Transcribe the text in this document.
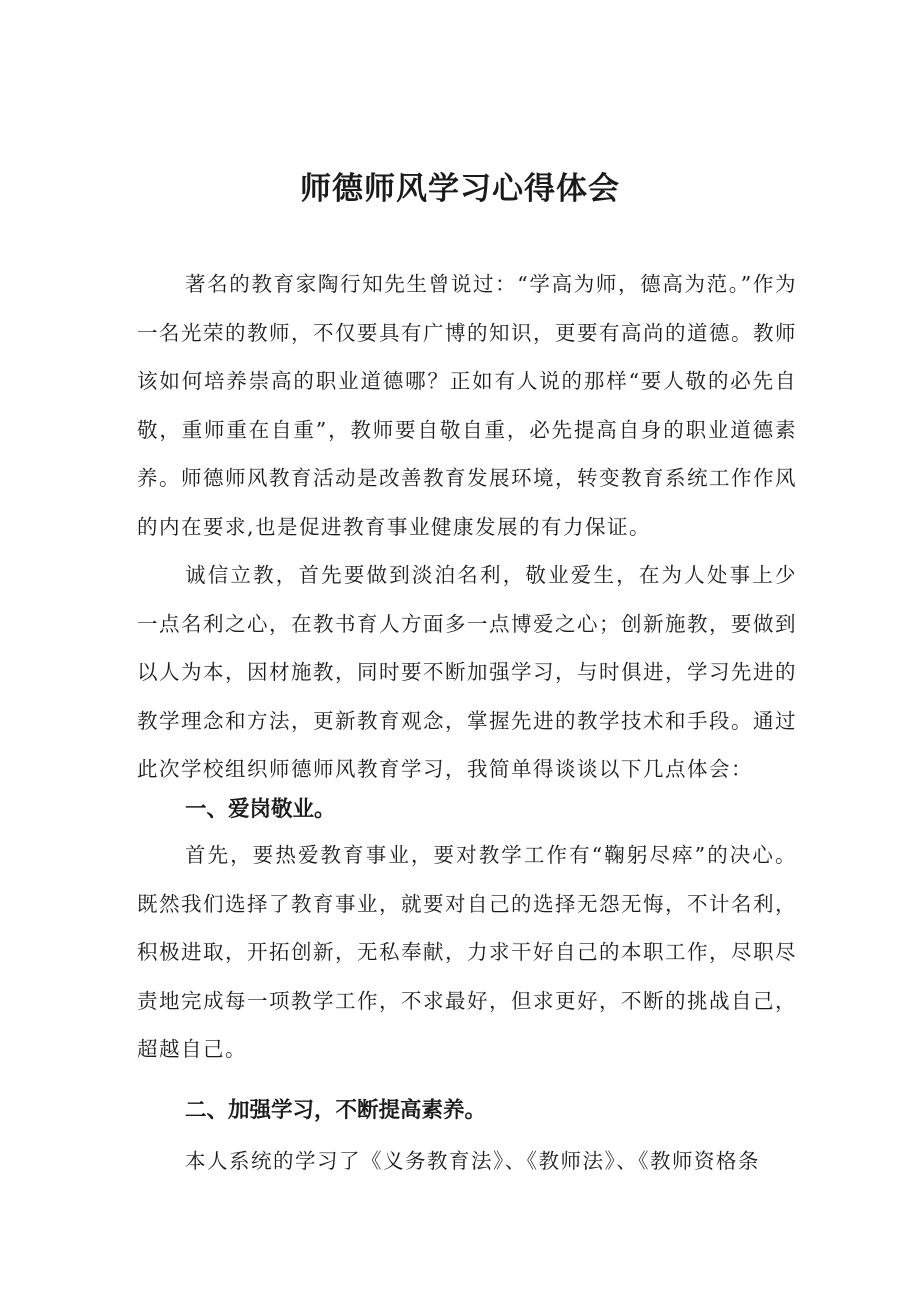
师德师风学习心得体会

著名的教育家陶行知先生曾说过：“学高为师，德高为范。”作为一名光荣的教师，不仅要具有广博的知识，更要有高尚的道德。教师该如何培养崇高的职业道德哪？正如有人说的那样“要人敬的必先自敬，重师重在自重”，教师要自敬自重，必先提高自身的职业道德素养。师德师风教育活动是改善教育发展环境，转变教育系统工作作风的内在要求,也是促进教育事业健康发展的有力保证。

诚信立教，首先要做到淡泊名利，敬业爱生，在为人处事上少一点名利之心，在教书育人方面多一点博爱之心；创新施教，要做到以人为本，因材施教，同时要不断加强学习，与时俱进，学习先进的教学理念和方法，更新教育观念，掌握先进的教学技术和手段。通过此次学校组织师德师风教育学习，我简单得谈谈以下几点体会：

一、爱岗敬业。

首先，要热爱教育事业，要对教学工作有“鞠躬尽瘁”的决心。既然我们选择了教育事业，就要对自己的选择无怨无悔，不计名利，积极进取，开拓创新，无私奉献，力求干好自己的本职工作，尽职尽责地完成每一项教学工作，不求最好，但求更好，不断的挑战自己，超越自己。

二、加强学习，不断提高素养。

本人系统的学习了《义务教育法》、《教师法》、《教师资格条
